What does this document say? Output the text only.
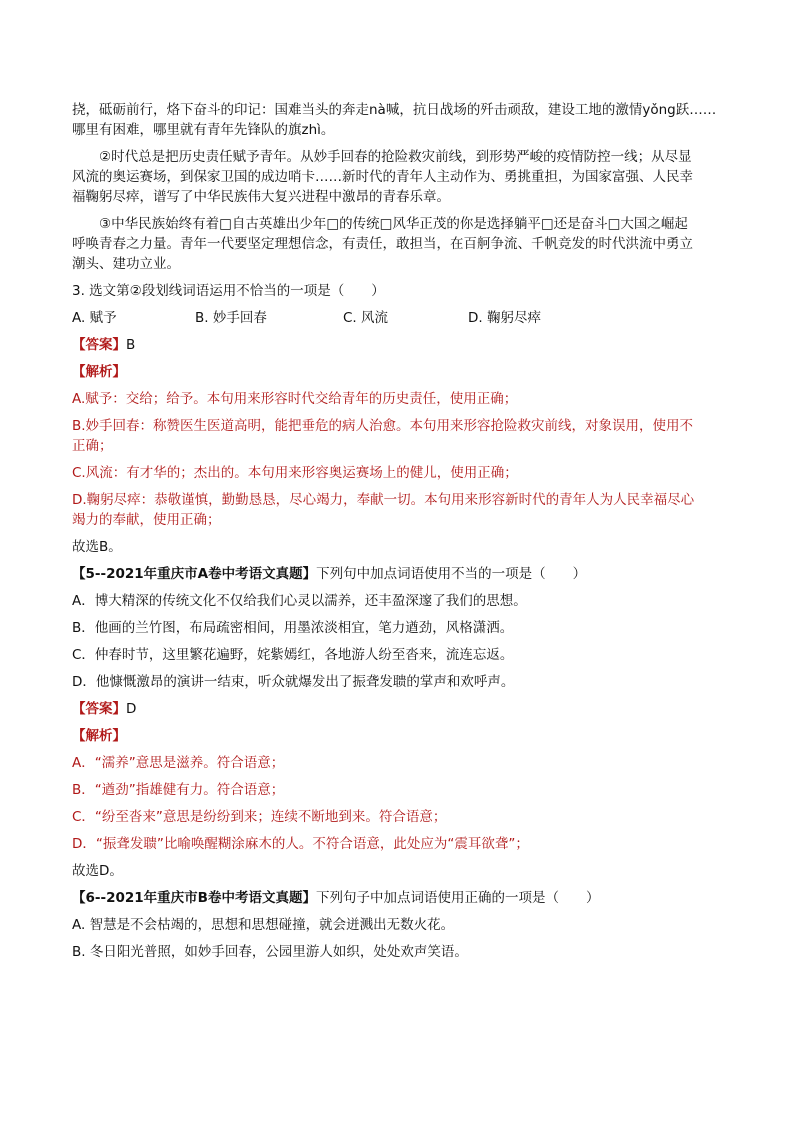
挠，砥砺前行，烙下奋斗的印记：国难当头的奔走nà喊，抗日战场的歼击顽敌，建设工地的激情yǒng跃……

哪里有困难，哪里就有青年先锋队的旗zhì。

②时代总是把历史责任赋予青年。从妙手回春的抢险救灾前线，到形势严峻的疫情防控一线；从尽显

风流的奥运赛场，到保家卫国的成边哨卡……新时代的青年人主动作为、勇挑重担，为国家富强、人民幸

福鞠躬尽瘁，谱写了中华民族伟大复兴进程中激昂的青春乐章。

③中华民族始终有着□自古英雄出少年□的传统□风华正茂的你是选择躺平□还是奋斗□大国之崛起

呼唤青春之力量。青年一代要坚定理想信念，有责任，敢担当，在百舸争流、千帆竞发的时代洪流中勇立

潮头、建功立业。

3. 选文第②段划线词语运用不恰当的一项是（　　）

A. 赋予	B. 妙手回春	C. 风流	D. 鞠躬尽瘁

【答案】B

【解析】

A.赋予：交给；给予。本句用来形容时代交给青年的历史责任，使用正确；

B.妙手回春：称赞医生医道高明，能把垂危的病人治愈。本句用来形容抢险救灾前线，对象误用，使用不

正确；

C.风流：有才华的；杰出的。本句用来形容奥运赛场上的健儿，使用正确；

D.鞠躬尽瘁：恭敬谨慎，勤勤恳恳，尽心竭力，奉献一切。本句用来形容新时代的青年人为人民幸福尽心

竭力的奉献，使用正确；

故选B。

【5--2021年重庆市A卷中考语文真题】下列句中加点词语使用不当的一项是（　　）

A．博大精深的传统文化不仅给我们心灵以濡养，还丰盈深邃了我们的思想。

B．他画的兰竹图，布局疏密相间，用墨浓淡相宜，笔力遒劲，风格潇洒。

C．仲春时节，这里繁花遍野，姹紫嫣红，各地游人纷至沓来，流连忘返。

D．他慷慨激昂的演讲一结束，听众就爆发出了振聋发聩的掌声和欢呼声。

【答案】D

【解析】

A．“濡养”意思是滋养。符合语意；

B．“遒劲”指雄健有力。符合语意；

C．“纷至沓来”意思是纷纷到来；连续不断地到来。符合语意；

D．“振聋发聩”比喻唤醒糊涂麻木的人。不符合语意，此处应为“震耳欲聋”；

故选D。

【6--2021年重庆市B卷中考语文真题】下列句子中加点词语使用正确的一项是（　　）

A. 智慧是不会枯竭的，思想和思想碰撞，就会迸溅出无数火花。

B. 冬日阳光普照，如妙手回春，公园里游人如织，处处欢声笑语。
